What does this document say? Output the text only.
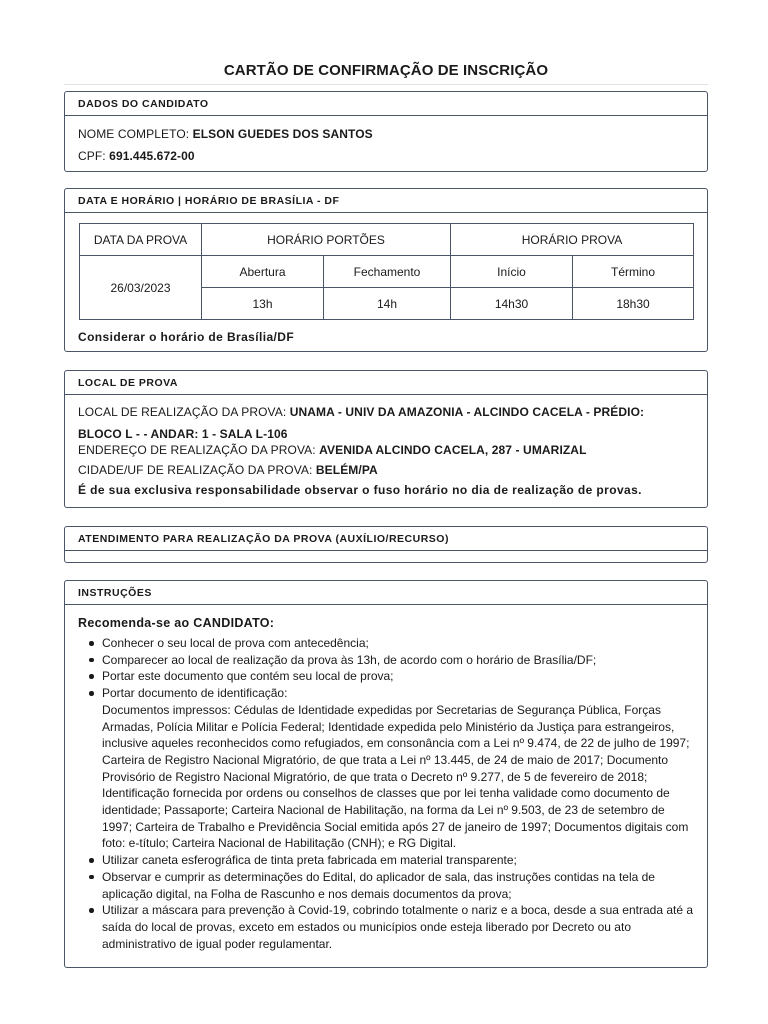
CARTÃO DE CONFIRMAÇÃO DE INSCRIÇÃO
DADOS DO CANDIDATO
NOME COMPLETO: ELSON GUEDES DOS SANTOS
CPF: 691.445.672-00
DATA E HORÁRIO | HORÁRIO DE BRASÍLIA - DF
DATA DA PROVA	HORÁRIO PORTÕES		HORÁRIO PROVA	
26/03/2023	Abertura	Fechamento	Início	Término
	13h	14h	14h30	18h30
Considerar o horário de Brasília/DF
LOCAL DE PROVA
LOCAL DE REALIZAÇÃO DA PROVA: UNAMA - UNIV DA AMAZONIA - ALCINDO CACELA - PRÉDIO:
BLOCO L - - ANDAR: 1 - SALA L-106
ENDEREÇO DE REALIZAÇÃO DA PROVA: AVENIDA ALCINDO CACELA, 287 - UMARIZAL
CIDADE/UF DE REALIZAÇÃO DA PROVA: BELÉM/PA
É de sua exclusiva responsabilidade observar o fuso horário no dia de realização de provas.
ATENDIMENTO PARA REALIZAÇÃO DA PROVA (AUXÍLIO/RECURSO)
INSTRUÇÕES
Recomenda-se ao CANDIDATO:
Conhecer o seu local de prova com antecedência;
Comparecer ao local de realização da prova às 13h, de acordo com o horário de Brasília/DF;
Portar este documento que contém seu local de prova;
Portar documento de identificação:
Documentos impressos: Cédulas de Identidade expedidas por Secretarias de Segurança Pública, Forças Armadas, Polícia Militar e Polícia Federal; Identidade expedida pelo Ministério da Justiça para estrangeiros, inclusive aqueles reconhecidos como refugiados, em consonância com a Lei nº 9.474, de 22 de julho de 1997; Carteira de Registro Nacional Migratório, de que trata a Lei nº 13.445, de 24 de maio de 2017; Documento Provisório de Registro Nacional Migratório, de que trata o Decreto nº 9.277, de 5 de fevereiro de 2018; Identificação fornecida por ordens ou conselhos de classes que por lei tenha validade como documento de identidade; Passaporte; Carteira Nacional de Habilitação, na forma da Lei nº 9.503, de 23 de setembro de 1997; Carteira de Trabalho e Previdência Social emitida após 27 de janeiro de 1997; Documentos digitais com foto: e-título; Carteira Nacional de Habilitação (CNH); e RG Digital.
Utilizar caneta esferográfica de tinta preta fabricada em material transparente;
Observar e cumprir as determinações do Edital, do aplicador de sala, das instruções contidas na tela de aplicação digital, na Folha de Rascunho e nos demais documentos da prova;
Utilizar a máscara para prevenção à Covid-19, cobrindo totalmente o nariz e a boca, desde a sua entrada até a saída do local de provas, exceto em estados ou municípios onde esteja liberado por Decreto ou ato administrativo de igual poder regulamentar.
